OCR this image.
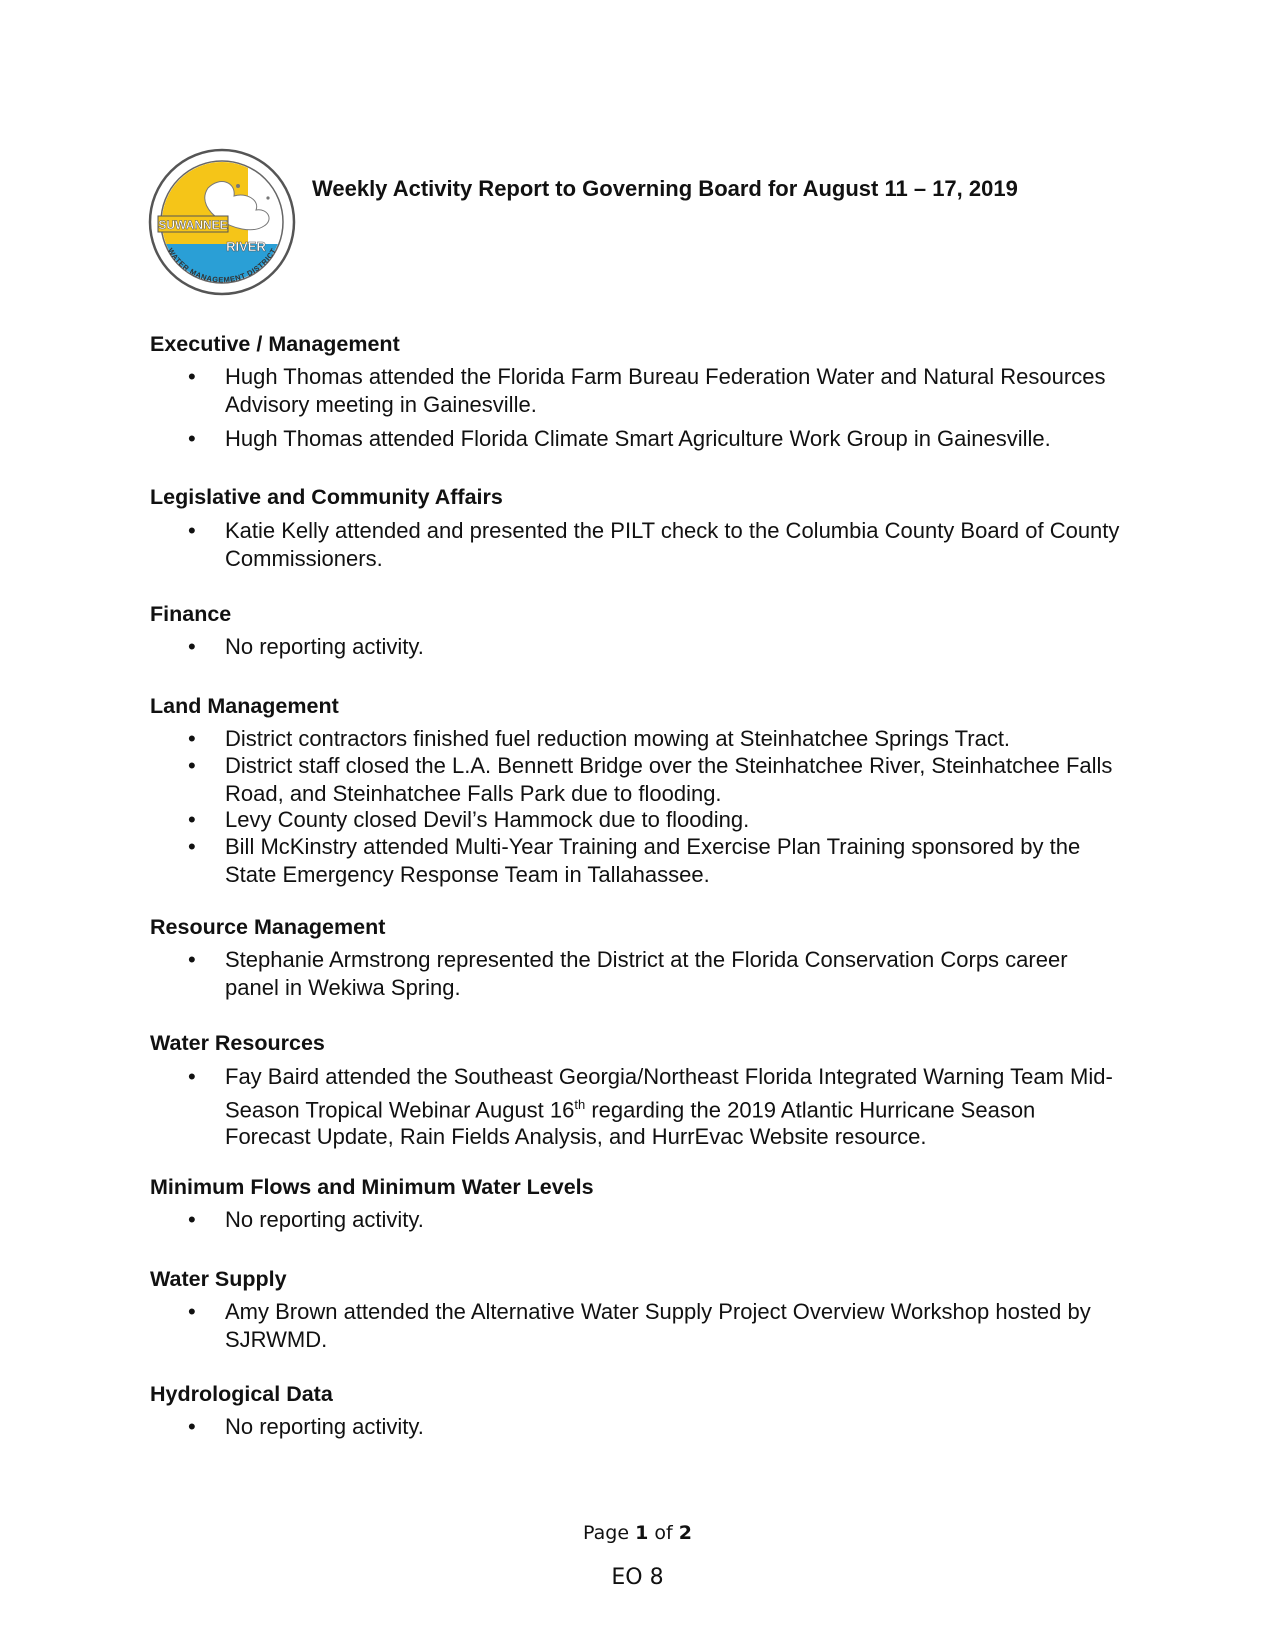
SUWANNEE
RIVER
WATER MANAGEMENT DISTRICT
Weekly Activity Report to Governing Board for August 11 – 17, 2019
Executive / Management
• Hugh Thomas attended the Florida Farm Bureau Federation Water and Natural Resources Advisory meeting in Gainesville.
• Hugh Thomas attended Florida Climate Smart Agriculture Work Group in Gainesville.
Legislative and Community Affairs
• Katie Kelly attended and presented the PILT check to the Columbia County Board of County Commissioners.
Finance
• No reporting activity.
Land Management
• District contractors finished fuel reduction mowing at Steinhatchee Springs Tract.
• District staff closed the L.A. Bennett Bridge over the Steinhatchee River, Steinhatchee Falls Road, and Steinhatchee Falls Park due to flooding.
• Levy County closed Devil’s Hammock due to flooding.
• Bill McKinstry attended Multi-Year Training and Exercise Plan Training sponsored by the State Emergency Response Team in Tallahassee.
Resource Management
• Stephanie Armstrong represented the District at the Florida Conservation Corps career panel in Wekiwa Spring.
Water Resources
• Fay Baird attended the Southeast Georgia/Northeast Florida Integrated Warning Team Mid-Season Tropical Webinar August 16th regarding the 2019 Atlantic Hurricane Season Forecast Update, Rain Fields Analysis, and HurrEvac Website resource.
Minimum Flows and Minimum Water Levels
• No reporting activity.
Water Supply
• Amy Brown attended the Alternative Water Supply Project Overview Workshop hosted by SJRWMD.
Hydrological Data
• No reporting activity.
Page 1 of 2
EO 8
